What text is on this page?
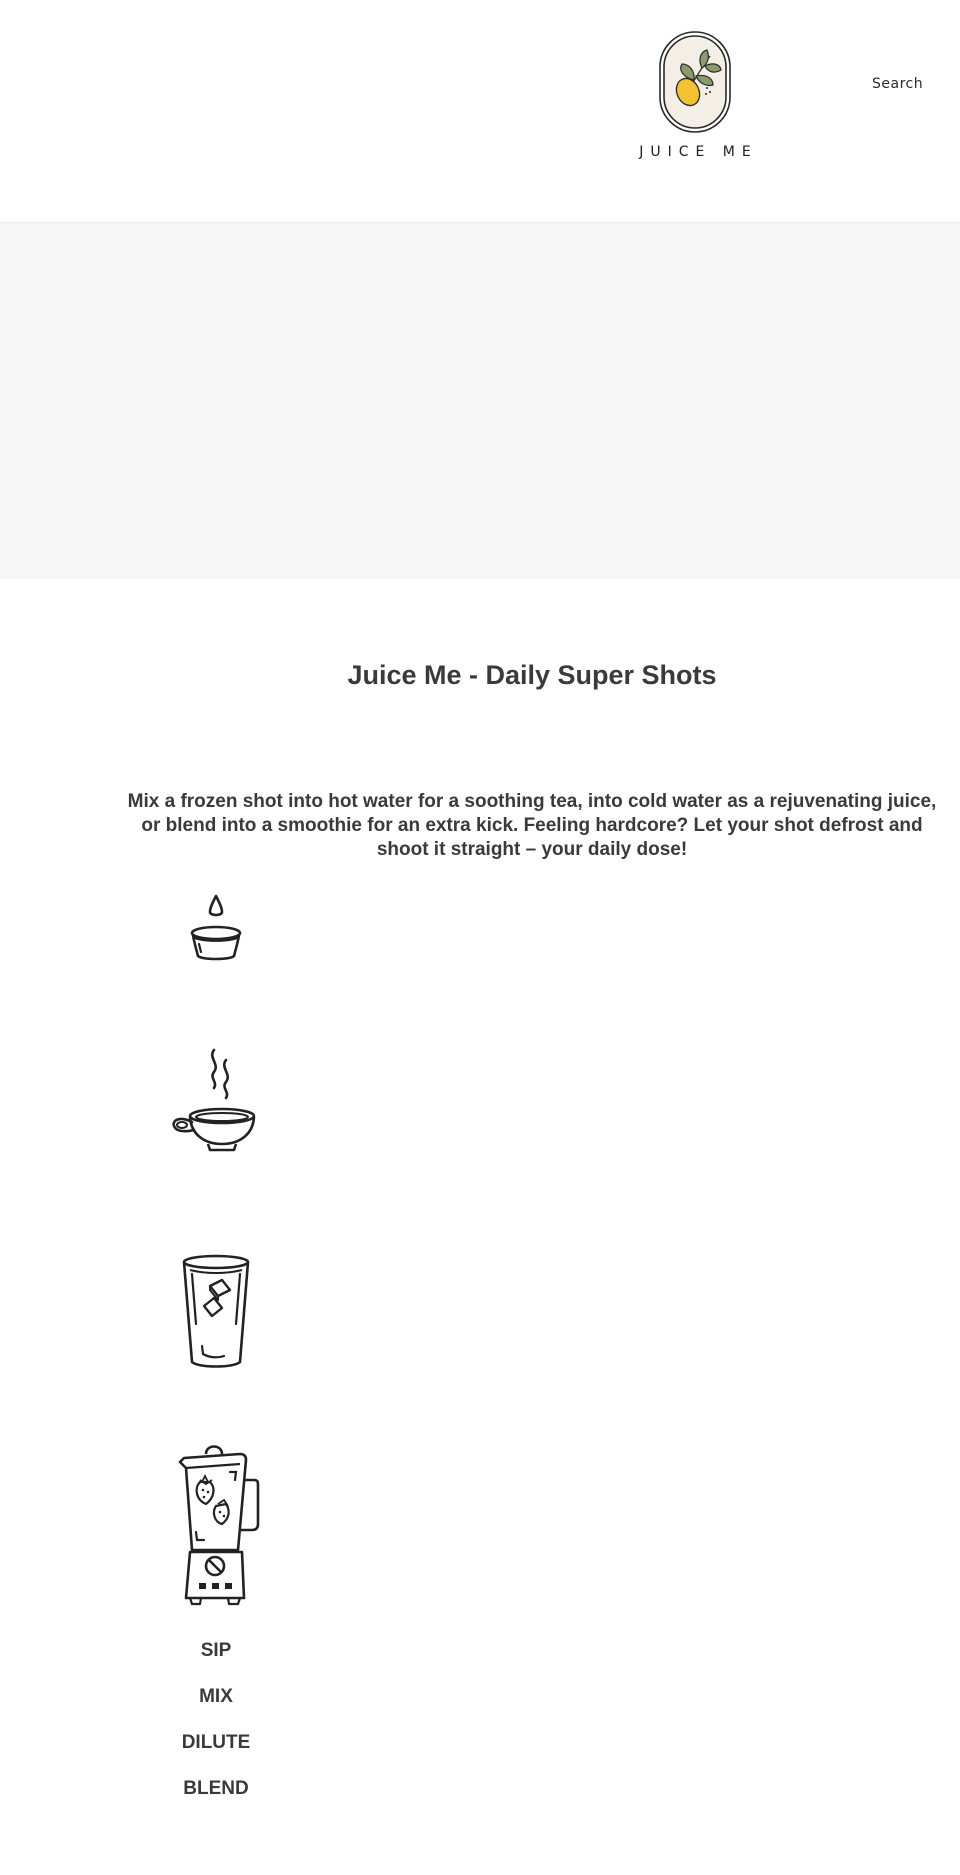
JUICE ME
Search
Juice Me - Daily Super Shots

Mix a frozen shot into hot water for a soothing tea, into cold water as a rejuvenating juice, or blend into a smoothie for an extra kick. Feeling hardcore? Let your shot defrost and shoot it straight – your daily dose!

SIP
MIX
DILUTE
BLEND
